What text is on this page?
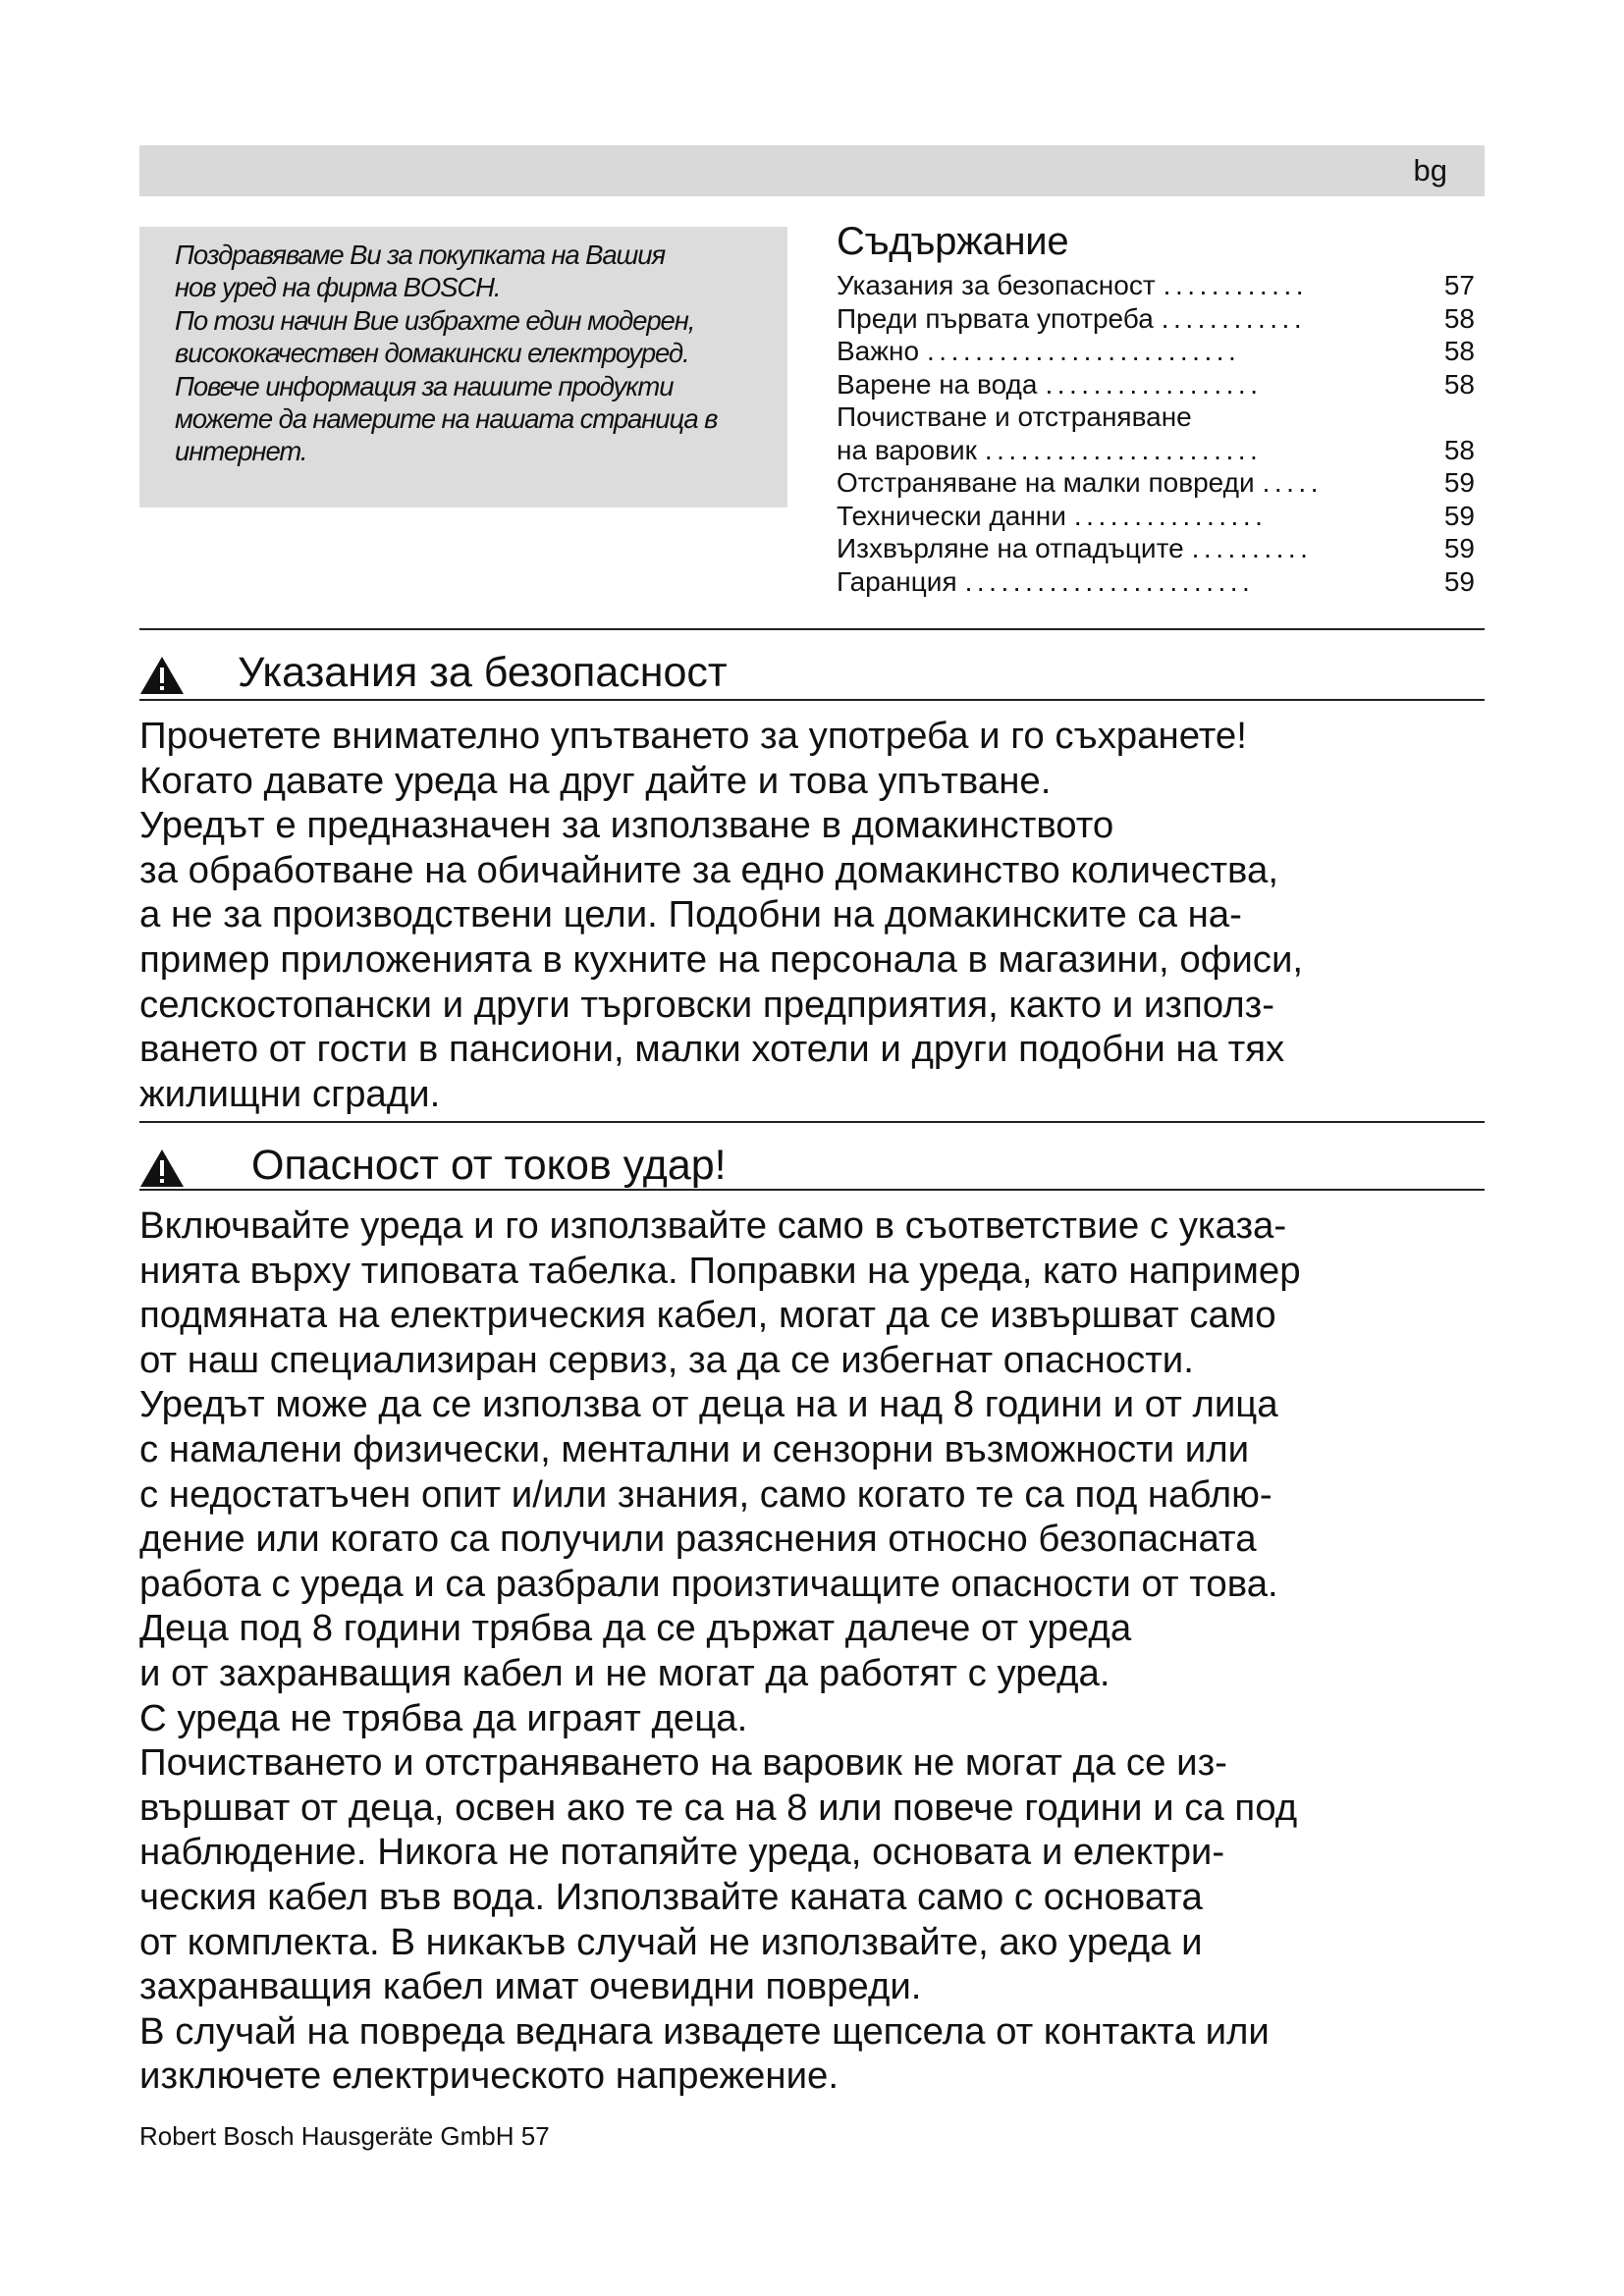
bg

Поздравяваме Ви за покупката на Вашия

нов уред на фирма BOSCH.

По този начин Вие избрахте един модерен,

висококачествен домакински електроуред.

Повече информация за нашите продукти

можете да намерите на нашата страница в

интернет.

Съдържание
Указания за безопасност ............	57
Преди първата употреба ............	58
Важно ..........................	58
Варене на вода ..................	58
Почистване и отстраняване
на варовик .......................	58
Отстраняване на малки повреди .....	59
Технически данни ................	59
Изхвърляне на отпадъците ..........	59
Гаранция ........................	59
Указания за безопасност
Прочетете внимателно упътването за употреба и го съхранете!
Когато давате уреда на друг дайте и това упътване.
Уредът е предназначен за използване в домакинството
за обработване на обичайните за едно домакинство количества,
а не за производствени цели. Подобни на домакинските са на-
пример приложенията в кухните на персонала в магазини, офиси,
селскостопански и други търговски предприятия, както и използ-
ването от гости в пансиони, малки хотели и други подобни на тях
жилищни сгради.
Опасност от токов удар!
Включвайте уреда и го използвайте само в съответствие с указа-
нията върху типовата табелка. Поправки на уреда, като например
подмяната на електрическия кабел, могат да се извършват само
от наш специализиран сервиз, за да се избегнат опасности.
Уредът може да се използва от деца на и над 8 години и от лица
с намалени физически, ментални и сензорни възможности или
с недостатъчен опит и/или знания, само когато те са под наблю-
дение или когато са получили разяснения относно безопасната
работа с уреда и са разбрали произтичащите опасности от това.
Деца под 8 години трябва да се държат далече от уреда
и от захранващия кабел и не могат да работят с уреда.
С уреда не трябва да играят деца.
Почистването и отстраняването на варовик не могат да се из-
вършват от деца, освен ако те са на 8 или повече години и са под
наблюдение. Никога не потапяйте уреда, основата и електри-
ческия кабел във вода. Използвайте каната само с основата
от комплекта. В никакъв случай не използвайте, ако уреда и
захранващия кабел имат очевидни повреди.
В случай на повреда веднага извадете щепсела от контакта или
изключете електрическото напрежение.

Robert Bosch Hausgeräte GmbH 57
